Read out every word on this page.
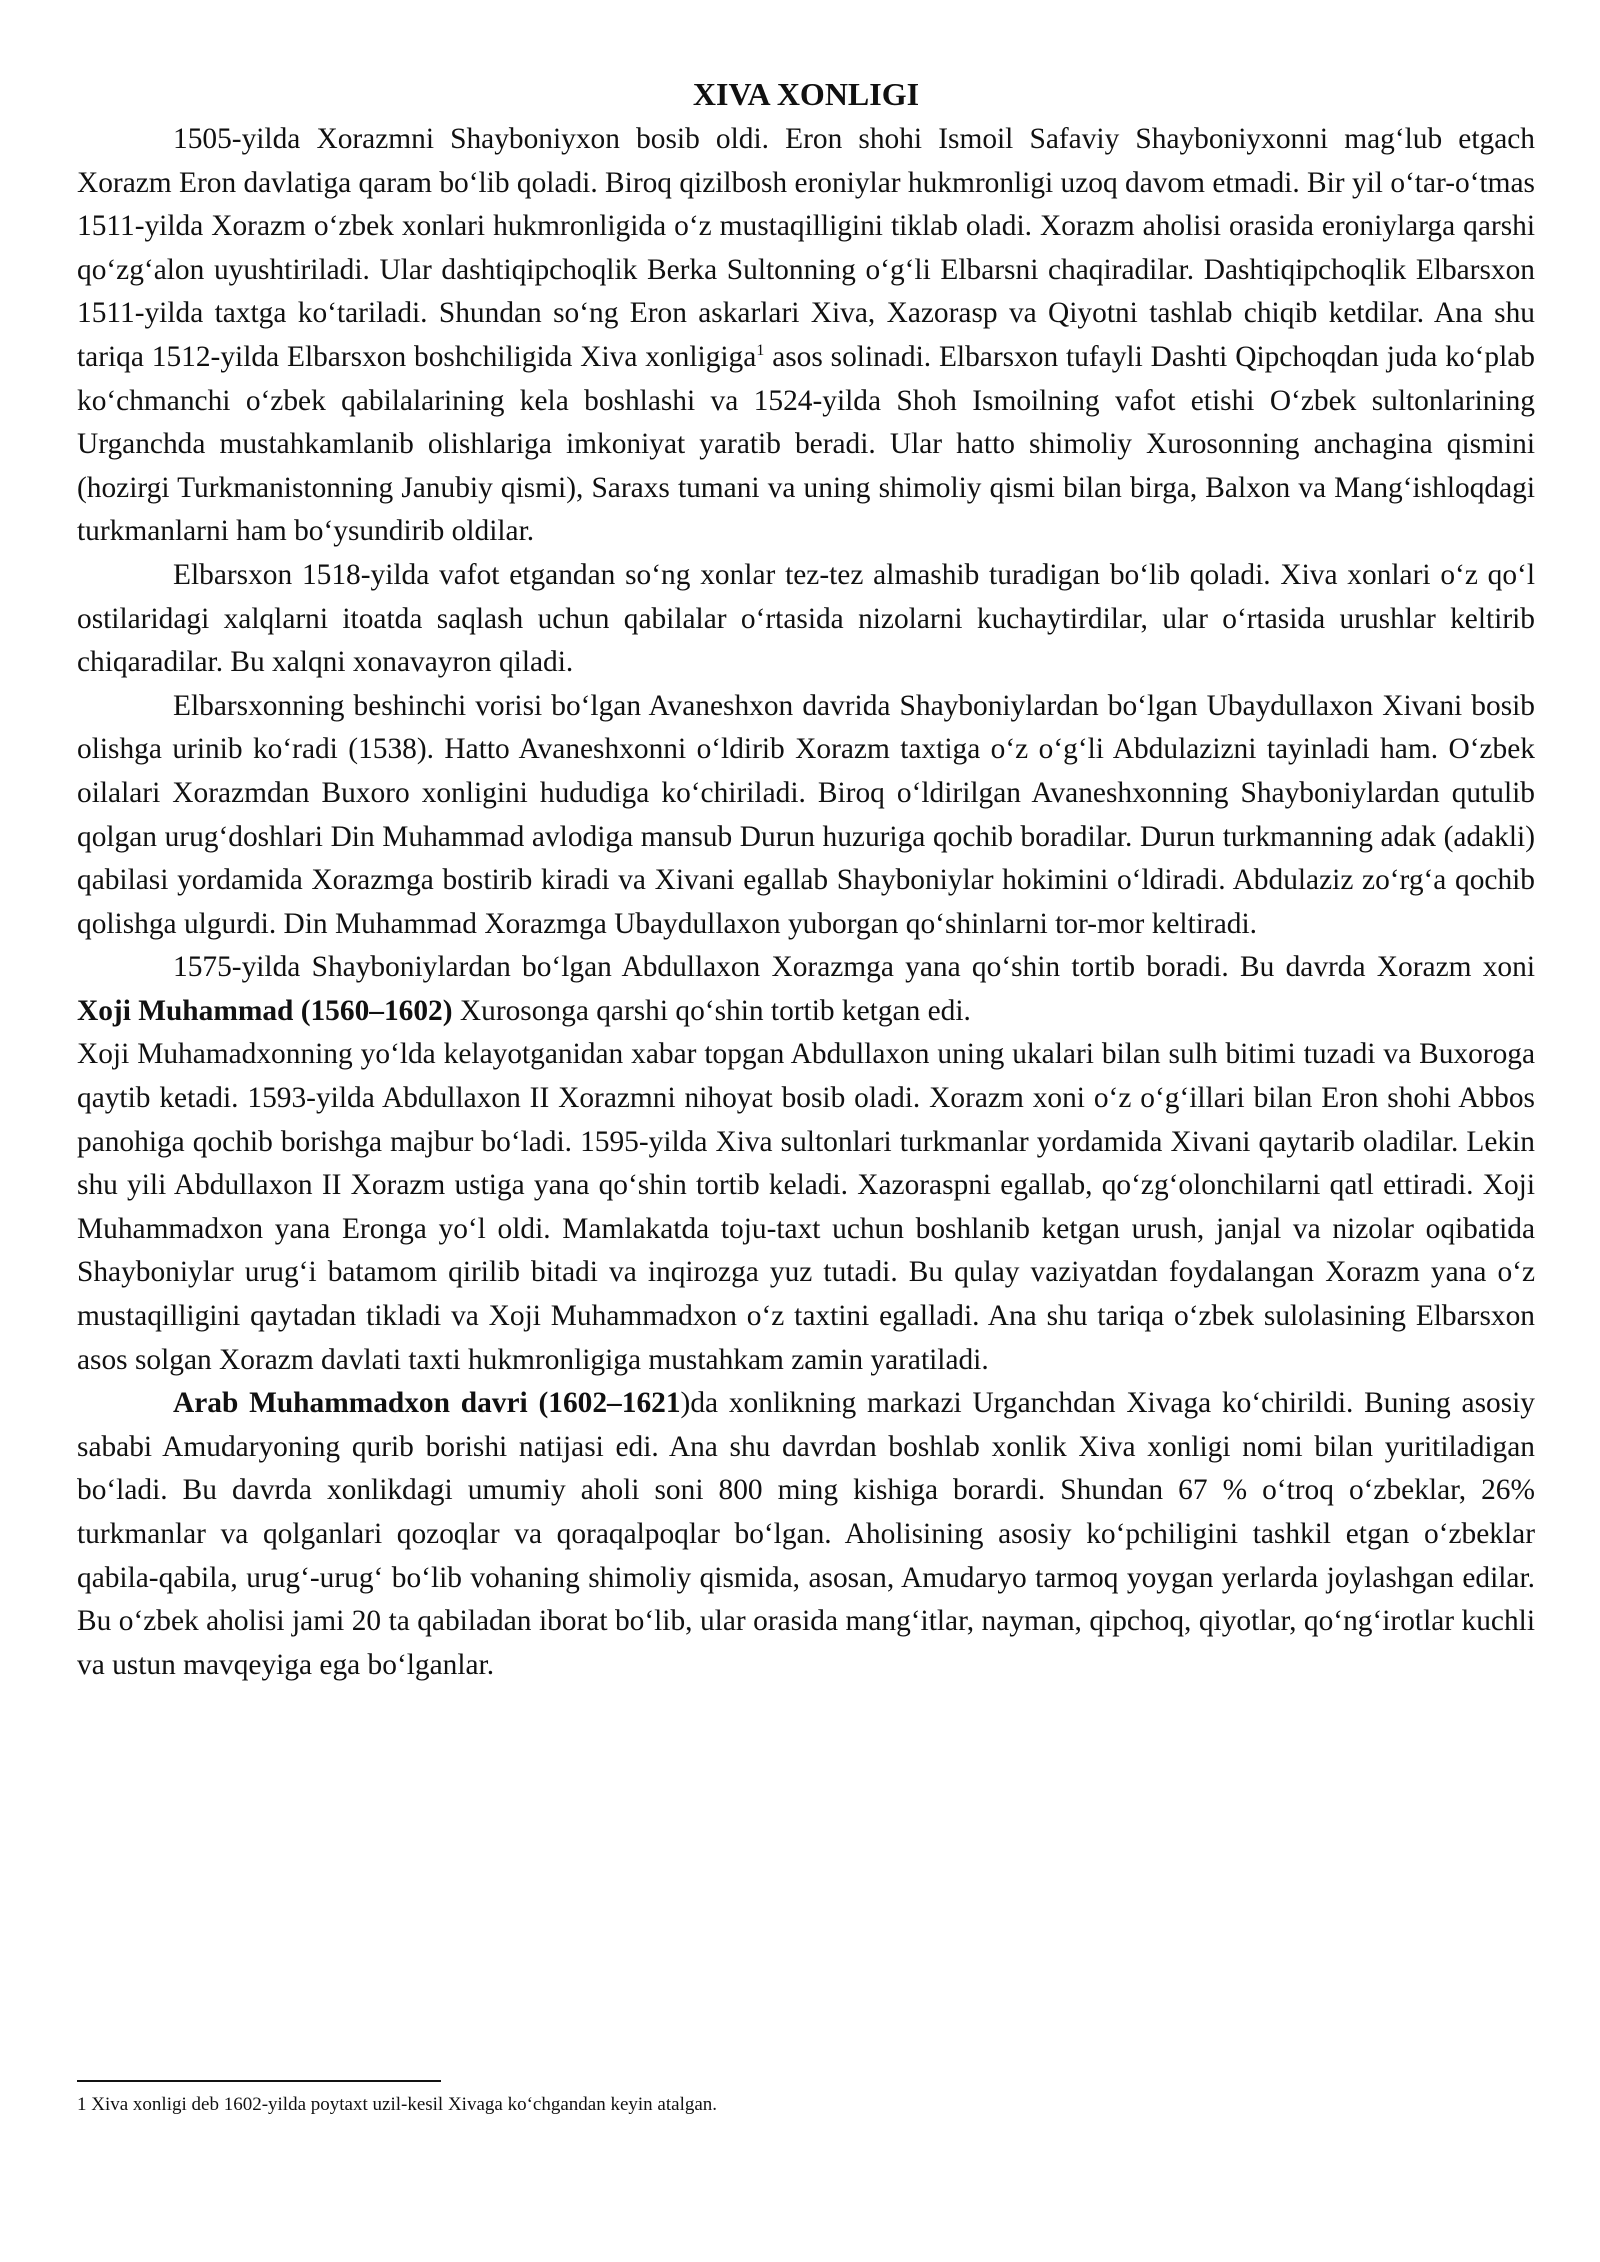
XIVA XONLIGI

1505-yilda Xorazmni Shayboniyxon bosib oldi. Eron shohi Ismoil Safaviy Shayboniyxonni mag‘lub etgach Xorazm Eron davlatiga qaram bo‘lib qoladi. Biroq qizilbosh eroniylar hukmronligi uzoq davom etmadi. Bir yil o‘tar-o‘tmas 1511-yilda Xorazm o‘zbek xonlari hukmronligida o‘z mustaqilligini tiklab oladi. Xorazm aholisi orasida eroniylarga qarshi qo‘zg‘alon uyushtiriladi. Ular dashtiqipchoqlik Berka Sultonning o‘g‘li Elbarsni chaqiradilar. Dashtiqipchoqlik Elbarsxon 1511-yilda taxtga ko‘tariladi. Shundan so‘ng Eron askarlari Xiva, Xazorasp va Qiyotni tashlab chiqib ketdilar. Ana shu tariqa 1512-yilda Elbarsxon boshchiligida Xiva xonligiga$^1$ asos solinadi. Elbarsxon tufayli Dashti Qipchoqdan juda ko‘plab ko‘chmanchi o‘zbek qabilalarining kela boshlashi va 1524-yilda Shoh Ismoilning vafot etishi O‘zbek sultonlarining Urganchda mustahkamlanib olishlariga imkoniyat yaratib beradi. Ular hatto shimoliy Xurosonning anchagina qismini (hozirgi Turkmanistonning Janubiy qismi), Saraxs tumani va uning shimoliy qismi bilan birga, Balxon va Mang‘ishloqdagi turkmanlarni ham bo‘ysundirib oldilar.

Elbarsxon 1518-yilda vafot etgandan so‘ng xonlar tez-tez almashib turadigan bo‘lib qoladi. Xiva xonlari o‘z qo‘l ostilaridagi xalqlarni itoatda saqlash uchun qabilalar o‘rtasida nizolarni kuchaytirdilar, ular o‘rtasida urushlar keltirib chiqaradilar. Bu xalqni xonavayron qiladi.

Elbarsxonning beshinchi vorisi bo‘lgan Avaneshxon davrida Shayboniylardan bo‘lgan Ubaydullaxon Xivani bosib olishga urinib ko‘radi (1538). Hatto Avaneshxonni o‘ldirib Xorazm taxtiga o‘z o‘g‘li Abdulazizni tayinladi ham. O‘zbek oilalari Xorazmdan Buxoro xonligini hududiga ko‘chiriladi. Biroq o‘ldirilgan Avaneshxonning Shayboniylardan qutulib qolgan urug‘doshlari Din Muhammad avlodiga mansub Durun huzuriga qochib boradilar. Durun turkmanning adak (adakli) qabilasi yordamida Xorazmga bostirib kiradi va Xivani egallab Shayboniylar hokimini o‘ldiradi. Abdulaziz zo‘rg‘a qochib qolishga ulgurdi. Din Muhammad Xorazmga Ubaydullaxon yuborgan qo‘shinlarni tor-mor keltiradi.

1575-yilda Shayboniylardan bo‘lgan Abdullaxon Xorazmga yana qo‘shin tortib boradi. Bu davrda Xorazm xoni Xoji Muhammad (1560–1602) Xurosonga qarshi qo‘shin tortib ketgan edi.

Xoji Muhamadxonning yo‘lda kelayotganidan xabar topgan Abdullaxon uning ukalari bilan sulh bitimi tuzadi va Buxoroga qaytib ketadi. 1593-yilda Abdullaxon II Xorazmni nihoyat bosib oladi. Xorazm xoni o‘z o‘g‘illari bilan Eron shohi Abbos panohiga qochib borishga majbur bo‘ladi. 1595-yilda Xiva sultonlari turkmanlar yordamida Xivani qaytarib oladilar. Lekin shu yili Abdullaxon II Xorazm ustiga yana qo‘shin tortib keladi. Xazoraspni egallab, qo‘zg‘olonchilarni qatl ettiradi. Xoji Muhammadxon yana Eronga yo‘l oldi. Mamlakatda toju-taxt uchun boshlanib ketgan urush, janjal va nizolar oqibatida Shayboniylar urug‘i batamom qirilib bitadi va inqirozga yuz tutadi. Bu qulay vaziyatdan foydalangan Xorazm yana o‘z mustaqilligini qaytadan tikladi va Xoji Muhammadxon o‘z taxtini egalladi. Ana shu tariqa o‘zbek sulolasining Elbarsxon asos solgan Xorazm davlati taxti hukmronligiga mustahkam zamin yaratiladi.

Arab Muhammadxon davri (1602–1621)da xonlikning markazi Urganchdan Xivaga ko‘chirildi. Buning asosiy sababi Amudaryoning qurib borishi natijasi edi. Ana shu davrdan boshlab xonlik Xiva xonligi nomi bilan yuritiladigan bo‘ladi. Bu davrda xonlikdagi umumiy aholi soni 800 ming kishiga borardi. Shundan 67 % o‘troq o‘zbeklar, 26% turkmanlar va qolganlari qozoqlar va qoraqalpoqlar bo‘lgan. Aholisining asosiy ko‘pchiligini tashkil etgan o‘zbeklar qabila-qabila, urug‘-urug‘ bo‘lib vohaning shimoliy qismida, asosan, Amudaryo tarmoq yoygan yerlarda joylashgan edilar. Bu o‘zbek aholisi jami 20 ta qabiladan iborat bo‘lib, ular orasida mang‘itlar, nayman, qipchoq, qiyotlar, qo‘ng‘irotlar kuchli va ustun mavqeyiga ega bo‘lganlar.

1 Xiva xonligi deb 1602-yilda poytaxt uzil-kesil Xivaga ko‘chgandan keyin atalgan.
